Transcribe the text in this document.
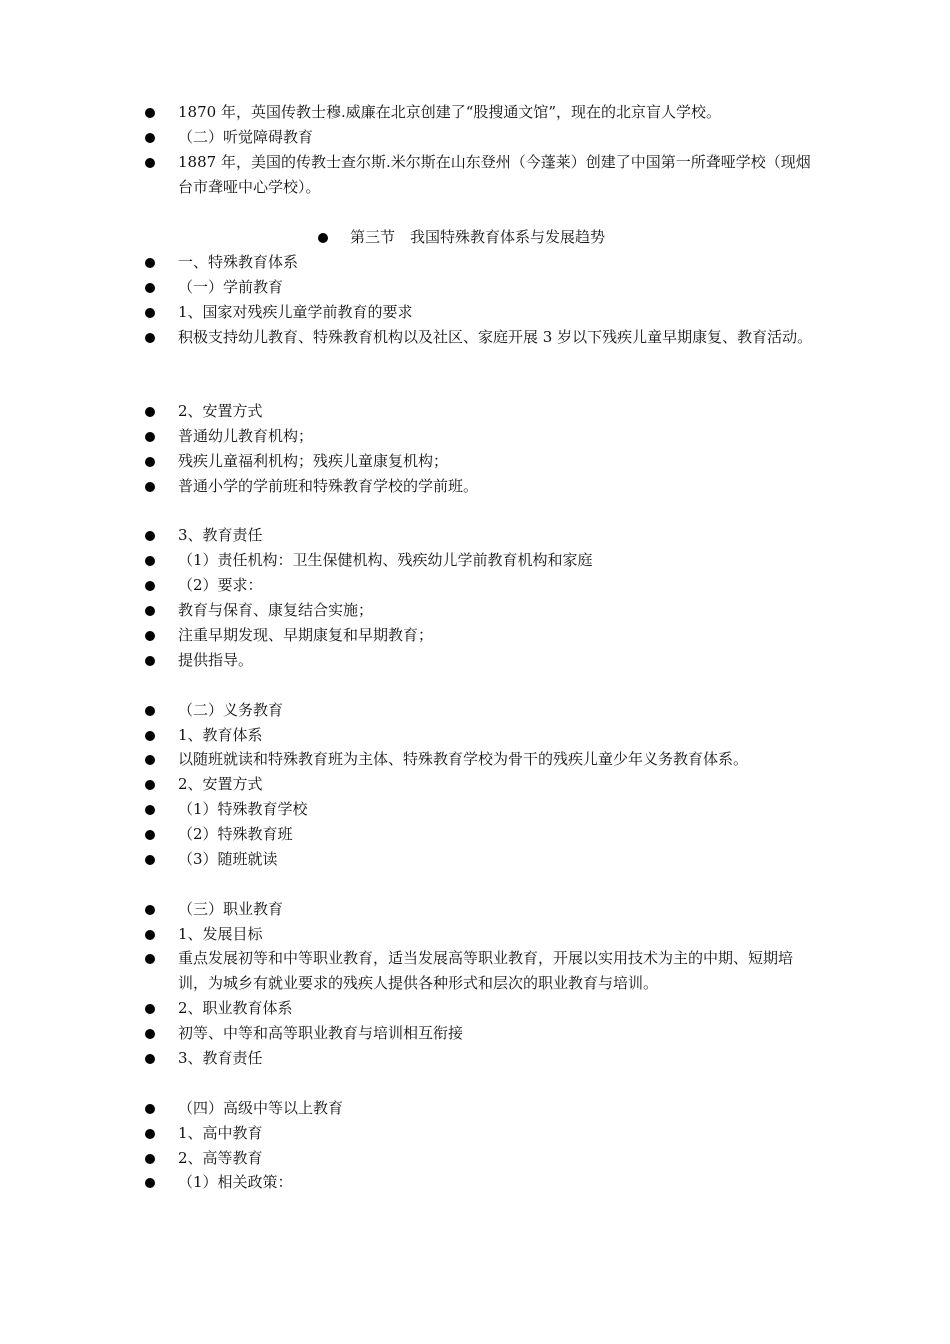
1870 年，英国传教士穆.威廉在北京创建了“股搜通文馆”，现在的北京盲人学校。
（二）听觉障碍教育
1887 年，美国的传教士查尔斯.米尔斯在山东登州（今蓬莱）创建了中国第一所聋哑学校（现烟台市聋哑中心学校）。
第三节　我国特殊教育体系与发展趋势
一、特殊教育体系
（一）学前教育
1、国家对残疾儿童学前教育的要求
积极支持幼儿教育、特殊教育机构以及社区、家庭开展 3 岁以下残疾儿童早期康复、教育活动。
2、安置方式
普通幼儿教育机构；
残疾儿童福利机构；残疾儿童康复机构；
普通小学的学前班和特殊教育学校的学前班。
3、教育责任
（1）责任机构：卫生保健机构、残疾幼儿学前教育机构和家庭
（2）要求：
教育与保育、康复结合实施；
注重早期发现、早期康复和早期教育；
提供指导。
（二）义务教育
1、教育体系
以随班就读和特殊教育班为主体、特殊教育学校为骨干的残疾儿童少年义务教育体系。
2、安置方式
（1）特殊教育学校
（2）特殊教育班
（3）随班就读
（三）职业教育
1、发展目标
重点发展初等和中等职业教育，适当发展高等职业教育，开展以实用技术为主的中期、短期培训，为城乡有就业要求的残疾人提供各种形式和层次的职业教育与培训。
2、职业教育体系
初等、中等和高等职业教育与培训相互衔接
3、教育责任
（四）高级中等以上教育
1、高中教育
2、高等教育
（1）相关政策：
